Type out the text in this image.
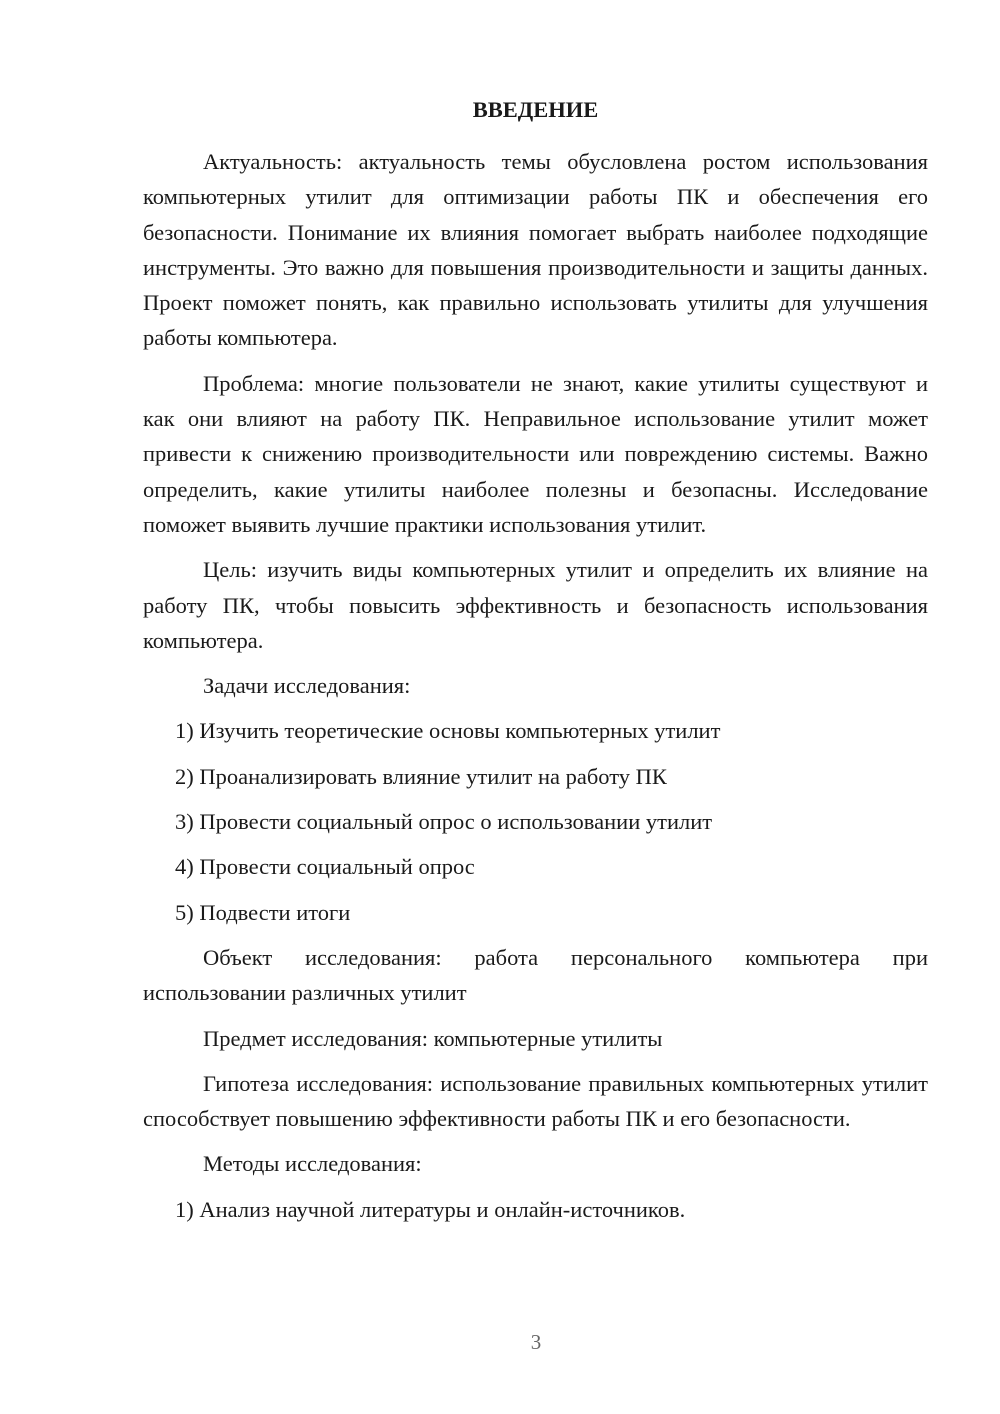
ВВЕДЕНИЕ

Актуальность: актуальность темы обусловлена ростом использования компьютерных утилит для оптимизации работы ПК и обеспечения его безопасности. Понимание их влияния помогает выбрать наиболее подходящие инструменты. Это важно для повышения производительности и защиты данных. Проект поможет понять, как правильно использовать утилиты для улучшения работы компьютера.

Проблема: многие пользователи не знают, какие утилиты существуют и как они влияют на работу ПК. Неправильное использование утилит может привести к снижению производительности или повреждению системы. Важно определить, какие утилиты наиболее полезны и безопасны. Исследование поможет выявить лучшие практики использования утилит.

Цель: изучить виды компьютерных утилит и определить их влияние на работу ПК, чтобы повысить эффективность и безопасность использования компьютера.

Задачи исследования:

1) Изучить теоретические основы компьютерных утилит
2) Проанализировать влияние утилит на работу ПК
3) Провести социальный опрос о использовании утилит
4) Провести социальный опрос
5) Подвести итоги

Объект исследования: работа персонального компьютера при использовании различных утилит

Предмет исследования: компьютерные утилиты

Гипотеза исследования: использование правильных компьютерных утилит способствует повышению эффективности работы ПК и его безопасности.

Методы исследования:

1) Анализ научной литературы и онлайн-источников.
3
